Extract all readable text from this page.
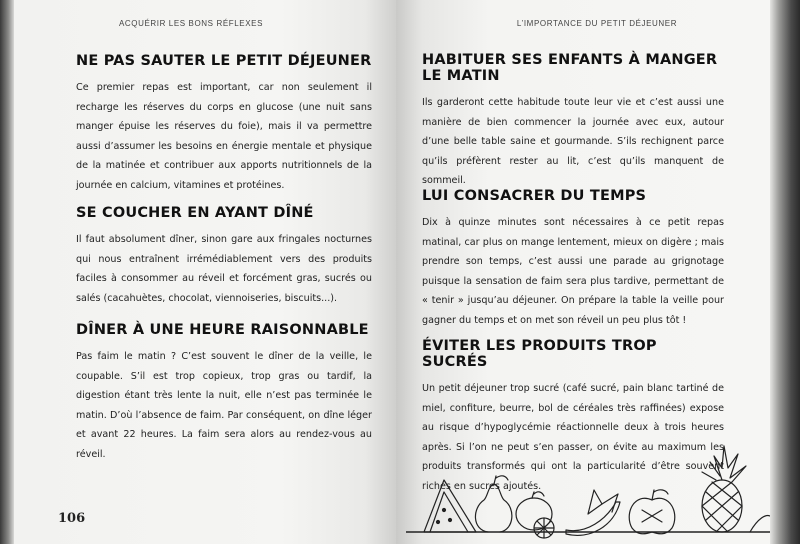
ACQUÉRIR LES BONS RÉFLEXES
NE PAS SAUTER LE PETIT DÉJEUNER

Ce premier repas est important, car non seulement il recharge les réserves du corps en glucose (une nuit sans manger épuise les réserves du foie), mais il va permettre aussi d’assumer les besoins en énergie mentale et physique de la matinée et contribuer aux apports nutritionnels de la journée en calcium, vitamines et protéines.

SE COUCHER EN AYANT DÎNÉ

Il faut absolument dîner, sinon gare aux fringales nocturnes qui nous entraînent irrémédiablement vers des produits faciles à consommer au réveil et forcément gras, sucrés ou salés (cacahuètes, chocolat, viennoiseries, biscuits...).

DÎNER À UNE HEURE RAISONNABLE

Pas faim le matin ? C’est souvent le dîner de la veille, le coupable. S’il est trop copieux, trop gras ou tardif, la digestion étant très lente la nuit, elle n’est pas terminée le matin. D’où l’absence de faim. Par conséquent, on dîne léger et avant 22 heures. La faim sera alors au rendez-vous au réveil.

106
L’IMPORTANCE DU PETIT DÉJEUNER
HABITUER SES ENFANTS À MANGER LE MATIN

Ils garderont cette habitude toute leur vie et c’est aussi une manière de bien commencer la journée avec eux, autour d’une belle table saine et gourmande. S’ils rechignent parce qu’ils préfèrent rester au lit, c’est qu’ils manquent de sommeil.

LUI CONSACRER DU TEMPS

Dix à quinze minutes sont nécessaires à ce petit repas matinal, car plus on mange lentement, mieux on digère ; mais prendre son temps, c’est aussi une parade au grignotage puisque la sensation de faim sera plus tardive, permettant de « tenir » jusqu’au déjeuner. On prépare la table la veille pour gagner du temps et on met son réveil un peu plus tôt !

ÉVITER LES PRODUITS TROP SUCRÉS

Un petit déjeuner trop sucré (café sucré, pain blanc tartiné de miel, confiture, beurre, bol de céréales très raffinées) expose au risque d’hypoglycémie réactionnelle deux à trois heures après. Si l’on ne peut s’en passer, on évite au maximum les produits transformés qui ont la particularité d’être souvent riches en sucres ajoutés.
